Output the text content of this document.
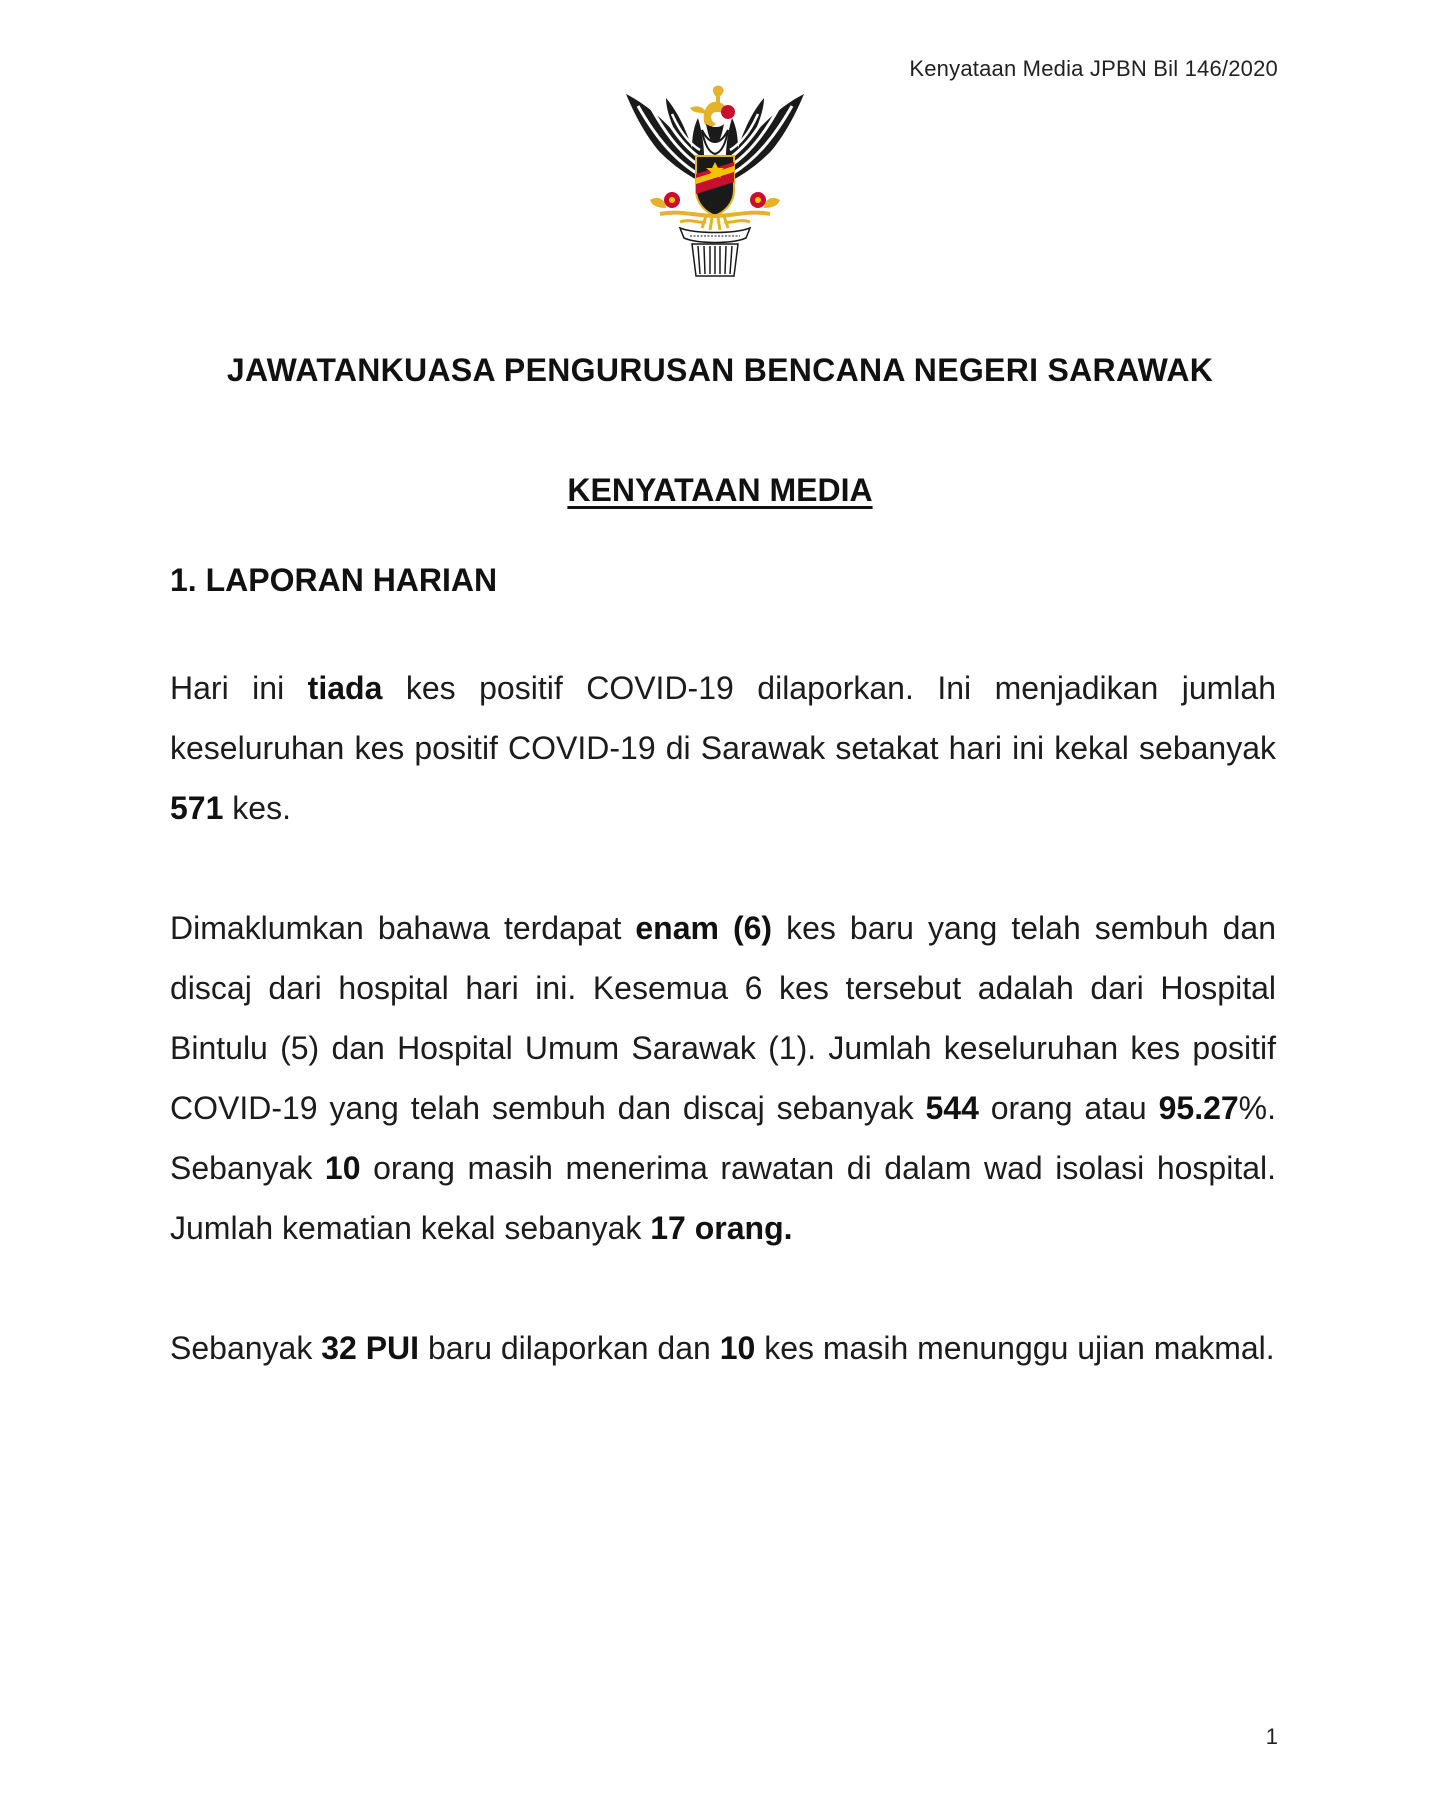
Kenyataan Media JPBN Bil 146/2020
JAWATANKUASA PENGURUSAN BENCANA NEGERI SARAWAK
KENYATAAN MEDIA
1. LAPORAN HARIAN
Hari ini tiada kes positif COVID-19 dilaporkan. Ini menjadikan jumlah keseluruhan kes positif COVID-19 di Sarawak setakat hari ini kekal sebanyak 571 kes.
Dimaklumkan bahawa terdapat enam (6) kes baru yang telah sembuh dan discaj dari hospital hari ini. Kesemua 6 kes tersebut adalah dari Hospital Bintulu (5) dan Hospital Umum Sarawak (1). Jumlah keseluruhan kes positif COVID-19 yang telah sembuh dan discaj sebanyak 544 orang atau 95.27%. Sebanyak 10 orang masih menerima rawatan di dalam wad isolasi hospital. Jumlah kematian kekal sebanyak 17 orang.
Sebanyak 32 PUI baru dilaporkan dan 10 kes masih menunggu ujian makmal.
1
